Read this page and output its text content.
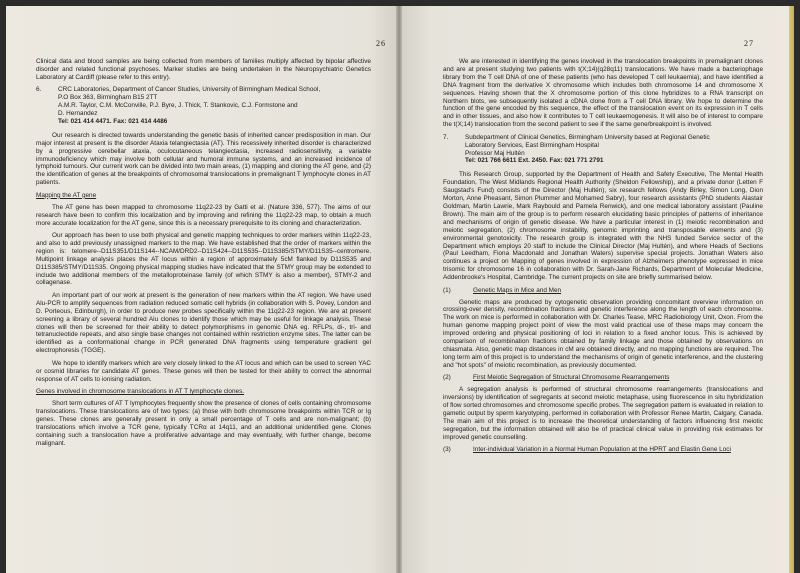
26

Clinical data and blood samples are being collected from members of families multiply affected by bipolar affective disorder and related functional psychoses. Marker studies are being undertaken in the Neuropsychiatric Genetics Laboratory at Cardiff (please refer to this entry).

6.	CRC Laboratories, Department of Cancer Studies, University of Birmingham Medical School,
P.O Box 363, Birmingham B15 2TT
A.M.R. Taylor, C.M. McConville, P.J. Byre, J. Thick, T. Stankovic, C.J. Formstone and
D. Hernandez
Tel: 021 414 4471. Fax: 021 414 4486

Our research is directed towards understanding the genetic basis of inherited cancer predisposition in man. Our major interest at present is the disorder Ataxia telangiectasia (AT). This recessively inherited disorder is characterized by a progressive cerebellar ataxia, oculocutaneous telangiectasia, increased radiosensitivity, a variable immunodeficiency which may involve both cellular and humoral immune systems, and an increased incidence of lymphoid tumours. Our current work can be divided into two main areas, (1) mapping and cloning the AT gene, and (2) the identification of genes at the breakpoints of chromosomal translocations in premalignant T lymphocyte clones in AT patients.

Mapping the AT gene

The AT gene has been mapped to chromosome 11q22-23 by Gatti et al. (Nature 336, 577). The aims of our research have been to confirm this localization and by improving and refining the 11q22-23 map, to obtain a much more accurate localization for the AT gene, since this is a necessary prerequisite to its cloning and characterization.

Our approach has been to use both physical and genetic mapping techniques to order markers within 11q22-23, and also to add previously unassigned markers to the map. We have established that the order of markers within the region is: telomere--D11S351/D11S144--NCAM/DRD2--D11S424--D11S535--D11S385/STMY/D11S35--centromere. Multipoint linkage analysis places the AT locus within a region of approximately 5cM flanked by D11S535 and D11S385/STMY/D11S35. Ongoing physical mapping studies have indicated that the STMY group may be extended to include two additional members of the metalloproteinase family (of which STMY is also a member), STMY-2 and collagenase.

An important part of our work at present is the generation of new markers within the AT region. We have used Alu-PCR to amplify sequences from radiation reduced somatic cell hybrids (in collaboration with S. Povey, London and D. Porteous, Edinburgh), in order to produce new probes specifically within the 11q22-23 region. We are at present screening a library of several hundred Alu clones to identify those which may be useful for linkage analysis. These clones will then be screened for their ability to detect polymorphisms in genomic DNA eg. RFLPs, di-, tri- and tetranucleotide repeats, and also single base changes not contained within restriction enzyme sites. The latter can be identified as a conformational change in PCR generated DNA fragments using temperature gradient gel electrophoresis (TGGE).

We hope to identify markers which are very closely linked to the AT locus and which can be used to screen YAC or cosmid libraries for candidate AT genes. These genes will then be tested for their ability to correct the abnormal response of AT cells to ionising radiation.

Genes involved in chromosome translocations in AT T lymphocyte clones.

Short term cultures of AT T lymphocytes frequently show the presence of clones of cells containing chromosome translocations. These translocations are of two types: (a) those with both chromosome breakpoints within TCR or Ig genes. These clones are generally present in only a small percentage of T cells and are non-malignant; (b) translocations which involve a TCR gene, typically TCRα at 14q11, and an additional unidentified gene. Clones containing such a translocation have a proliferative advantage and may eventually, with further change, become malignant.

27

We are interested in identifying the genes involved in the translocation breakpoints in premalignant clones and are at present studying two patients with t(X;14)(q28q11) translocations. We have made a bacteriophage library from the T cell DNA of one of these patients (who has developed T cell leukaemia), and have identified a DNA fragment from the derivative X chromosome which includes both chromosome 14 and chromosome X sequences. Having shown that the X chromosome portion of this clone hybridizes to a RNA transcript on Northern blots, we subsequently isolated a cDNA clone from a T cell DNA library. We hope to determine the function of the gene encoded by this sequence, the effect of the translocation event on its expression in T cells and in other tissues, and also how it contributes to T cell leukaemogenesis. It will also be of interest to compare the t(X;14) translocation from the second patient to see if the same gene/breakpoint is involved.

7.	Subdepartment of Clinical Genetics, Birmingham University based at Regional Genetic
Laboratory Services, East Birmingham Hospital
Professor Maj Hultén
Tel: 021 766 6611 Ext. 2450. Fax: 021 771 2791

This Research Group, supported by the Department of Health and Safety Executive, The Mental Health Foundation, The West Midlands Regional Health Authority (Sheldon Fellowship), and a private donor (Letten F Saugstad's Fund) consists of the Director (Maj Hultén), six research fellows (Andy Birley, Simon Long, Dion Morton, Anne Pheasant, Simon Plummer and Mohamed Sabry), four research assistants (PhD students Alastair Goldman, Martin Lawrie, Mark Raybould and Pamela Renwick), and one medical laboratory assistant (Pauline Brown). The main aim of the group is to perform research elucidating basic principles of patterns of inheritance and mechanisms of origin of genetic disease. We have a particular interest in (1) meiotic recombination and meiotic segregation, (2) chromosome instability, genomic imprinting and transposable elements and (3) environmental genotoxicity. The research group is integrated with the NHS funded Service sector of the Department which employs 20 staff to include the Clinical Director (Maj Hultén), and where Heads of Sections (Paul Leedham, Fiona Macdonald and Jonathan Waters) supervise special projects. Jonathan Waters also continues a project on Mapping of genes involved in expression of Alzheimers phenotype expressed in mice trisomic for chromosome 16 in collaboration with Dr. Sarah-Jane Richards, Department of Molecular Medicine, Addenbrooke's Hospital, Cambridge. The current projects on site are briefly summarised below.

(1)	Genetic Maps in Mice and Men

Genetic maps are produced by cytogenetic observation providing concomitant overview information on crossing-over density, recombination fractions and genetic interference along the length of each chromosome. The work on mice is performed in collaboration with Dr. Charles Tease, MRC Radiobiology Unit, Oxon. From the human genome mapping project point of view the most valid practical use of these maps may concern the improved ordering and physical positioning of loci in relation to a fixed anchor locus. This is achieved by comparison of recombination fractions obtained by family linkage and those obtained by observations on chiasmata. Also, genetic map distances in cM are obtained directly, and no mapping functions are required. The long term aim of this project is to understand the mechanisms of origin of genetic interference, and the clustering and "hot spots" of meiotic recombination, as previously documented.

(2)	First Meiotic Segregation of Structural Chromosome Rearrangements

A segregation analysis is performed of structural chromosome rearrangements (translocations and inversions) by identification of segregants at second meiotic metaphase, using fluorescence in situ hybridization of flow sorted chromosomes and chromosome specific probes. The segregation pattern is evaluated in relation to gametic output by sperm karyotyping, performed in collaboration with Professor Renee Martin, Calgary, Canada. The main aim of this project is to increase the theoretical understanding of factors influencing first meiotic segregation, but the information obtained will also be of practical clinical value in providing risk estimates for improved genetic counselling.

(3)	Inter-individual Variation in a Normal Human Population at the HPRT and Elastin Gene Loci
